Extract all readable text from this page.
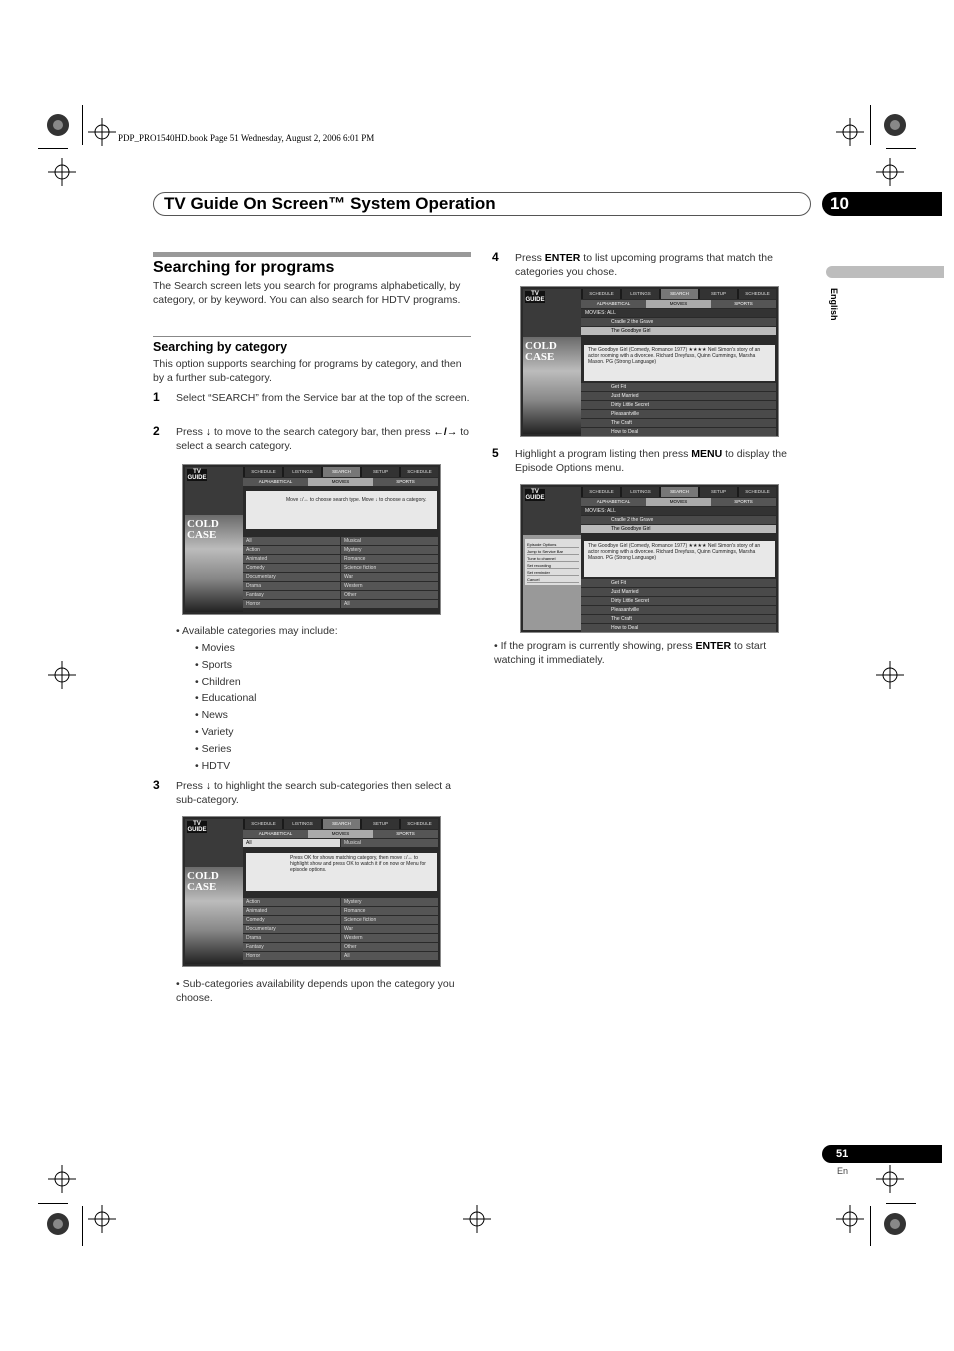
PDP_PRO1540HD.book Page 51 Wednesday, August 2, 2006 6:01 PM
TV Guide On Screen™ System Operation	10
English
Searching for programs
The Search screen lets you search for programs alphabetically, by category, or by keyword. You can also search for HDTV programs.
Searching by category
This option supports searching for programs by category, and then by a further sub-category.
1 Select “SEARCH” from the Service bar at the top of the screen.
2 Press ↓ to move to the search category bar, then press ←/→ to select a search category.
TV GUIDE
COLD CASE
SCHEDULE	LISTINGS	SEARCH	SETUP	SCHEDULE
ALPHABETICAL	MOVIES	SPORTS
Move ↕/↔ to choose search type. Move ↓ to choose a category.
All	Musical
Action	Mystery
Animated	Romance
Comedy	Science fiction
Documentary	War
Drama	Western
Fantasy	Other
Horror	All
• Available categories may include:
• Movies
• Sports
• Children
• Educational
• News
• Variety
• Series
• HDTV
3 Press ↓ to highlight the search sub-categories then select a sub-category.
TV GUIDE
COLD CASE
SCHEDULE	LISTINGS	SEARCH	SETUP	SCHEDULE
ALPHABETICAL	MOVIES	SPORTS
All	Musical
Press OK for shows matching category, then move ↕/↔ to highlight show and press OK to watch it if on now or Menu for episode options.
Action	Mystery
Animated	Romance
Comedy	Science fiction
Documentary	War
Drama	Western
Fantasy	Other
Horror	All
• Sub-categories availability depends upon the category you choose.
4 Press ENTER to list upcoming programs that match the categories you chose.
TV GUIDE
COLD CASE
SCHEDULE	LISTINGS	SEARCH	SETUP	SCHEDULE
ALPHABETICAL	MOVIES	SPORTS
MOVIES: ALL
Cradle 2 the Grave
The Goodbye Girl
The Goodbye Girl (Comedy, Romance 1977) ★★★★ Neil Simon's story of an actor rooming with a divorcee. Richard Dreyfuss, Quinn Cummings, Marsha Mason. PG (Strong Language)
Get Fit
Just Married
Dirty Little Secret
Pleasantville
The Craft
How to Deal
5 Highlight a program listing then press MENU to display the Episode Options menu.
TV GUIDE
Episode Options
Jump to Service Bar
Tune to channel
Set recording
Set reminder
Cancel
SCHEDULE	LISTINGS	SEARCH	SETUP	SCHEDULE
ALPHABETICAL	MOVIES	SPORTS
MOVIES: ALL
Cradle 2 the Grave
The Goodbye Girl
The Goodbye Girl (Comedy, Romance 1977) ★★★★ Neil Simon's story of an actor rooming with a divorcee. Richard Dreyfuss, Quinn Cummings, Marsha Mason. PG (Strong Language)
Get Fit
Just Married
Dirty Little Secret
Pleasantville
The Craft
How to Deal
• If the program is currently showing, press ENTER to start watching it immediately.
51
En
